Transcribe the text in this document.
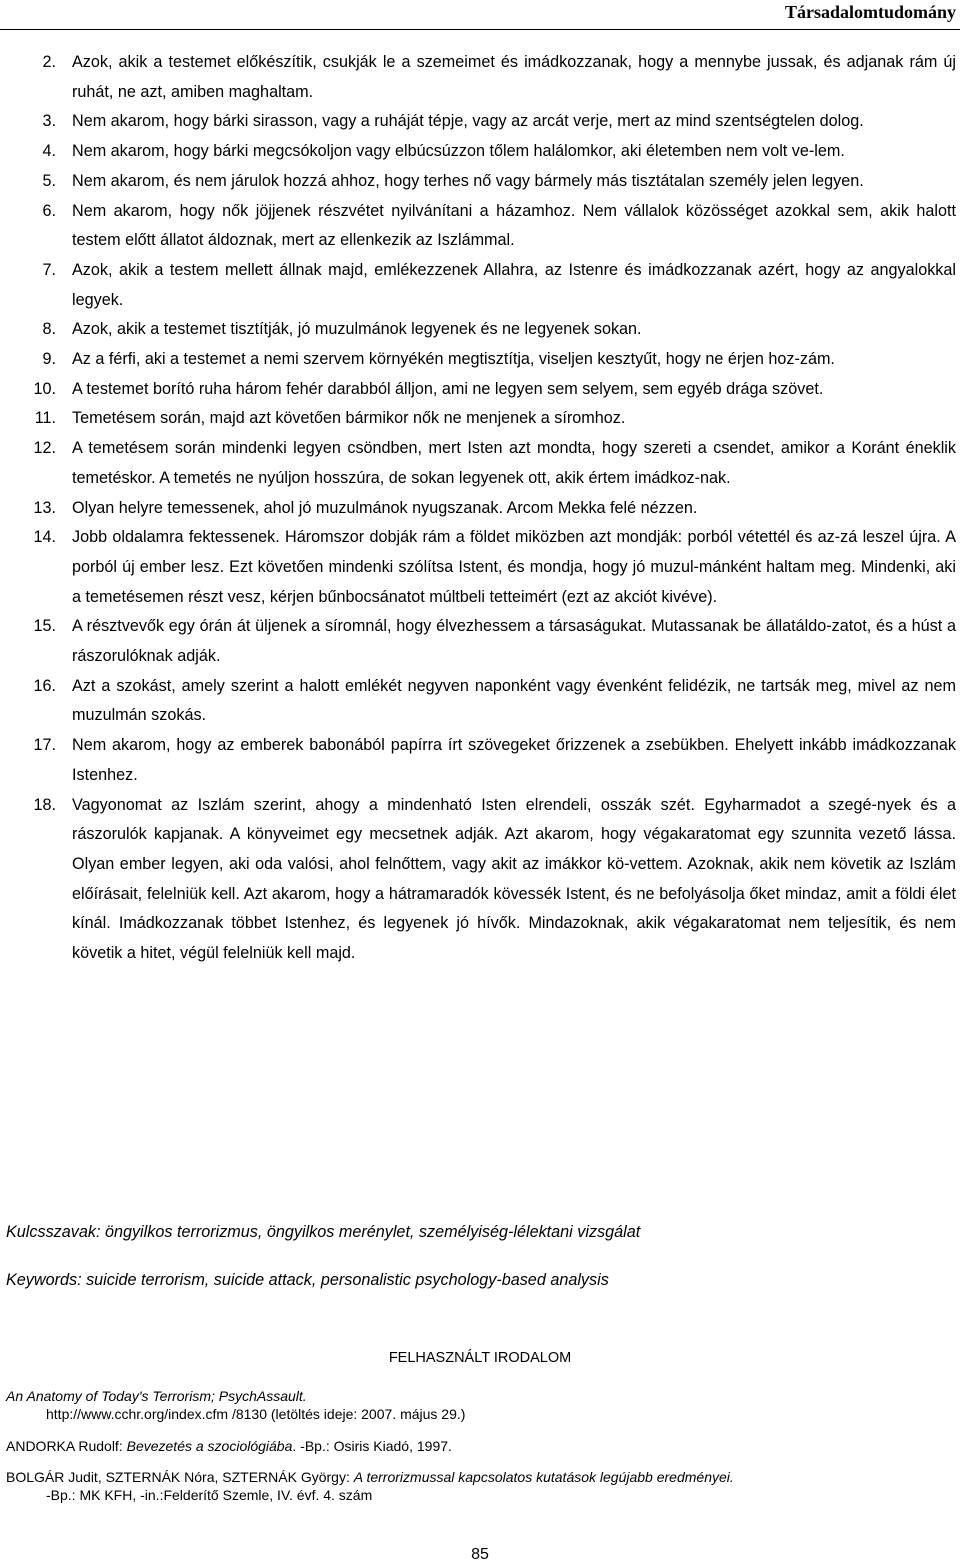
Társadalomtudomány
2. Azok, akik a testemet előkészítik, csukják le a szemeimet és imádkozzanak, hogy a mennybe jussak, és adjanak rám új ruhát, ne azt, amiben maghaltam.
3. Nem akarom, hogy bárki sirasson, vagy a ruháját tépje, vagy az arcát verje, mert az mind szentségtelen dolog.
4. Nem akarom, hogy bárki megcsókoljon vagy elbúcsúzzon tőlem halálomkor, aki életemben nem volt ve-lem.
5. Nem akarom, és nem járulok hozzá ahhoz, hogy terhes nő vagy bármely más tisztátalan személy jelen legyen.
6. Nem akarom, hogy nők jöjjenek részvétet nyilvánítani a házamhoz. Nem vállalok közösséget azokkal sem, akik halott testem előtt állatot áldoznak, mert az ellenkezik az Iszlámmal.
7. Azok, akik a testem mellett állnak majd, emlékezzenek Allahra, az Istenre és imádkozzanak azért, hogy az angyalokkal legyek.
8. Azok, akik a testemet tisztítják, jó muzulmánok legyenek és ne legyenek sokan.
9. Az a férfi, aki a testemet a nemi szervem környékén megtisztítja, viseljen kesztyűt, hogy ne érjen hoz-zám.
10. A testemet borító ruha három fehér darabból álljon, ami ne legyen sem selyem, sem egyéb drága szövet.
11. Temetésem során, majd azt követően bármikor nők ne menjenek a síromhoz.
12. A temetésem során mindenki legyen csöndben, mert Isten azt mondta, hogy szereti a csendet, amikor a Koránt éneklik temetéskor. A temetés ne nyúljon hosszúra, de sokan legyenek ott, akik értem imádkoz-nak.
13. Olyan helyre temessenek, ahol jó muzulmánok nyugszanak. Arcom Mekka felé nézzen.
14. Jobb oldalamra fektessenek. Háromszor dobják rám a földet miközben azt mondják: porból vétettél és az-zá leszel újra. A porból új ember lesz. Ezt követően mindenki szólítsa Istent, és mondja, hogy jó muzul-mánként haltam meg. Mindenki, aki a temetésemen részt vesz, kérjen bűnbocsánatot múltbeli tetteimért (ezt az akciót kivéve).
15. A résztvevők egy órán át üljenek a síromnál, hogy élvezhessem a társaságukat. Mutassanak be állatáldo-zatot, és a húst a rászorulóknak adják.
16. Azt a szokást, amely szerint a halott emlékét negyven naponként vagy évenként felidézik, ne tartsák meg, mivel az nem muzulmán szokás.
17. Nem akarom, hogy az emberek babonából papírra írt szövegeket őrizzenek a zsebükben. Ehelyett inkább imádkozzanak Istenhez.
18. Vagyonomat az Iszlám szerint, ahogy a mindenható Isten elrendeli, osszák szét. Egyharmadot a szegé-nyek és a rászorulók kapjanak. A könyveimet egy mecsetnek adják. Azt akarom, hogy végakaratomat egy szunnita vezető lássa. Olyan ember legyen, aki oda valósi, ahol felnőttem, vagy akit az imákkor kö-vettem. Azoknak, akik nem követik az Iszlám előírásait, felelniük kell. Azt akarom, hogy a hátramaradók kövessék Istent, és ne befolyásolja őket mindaz, amit a földi élet kínál. Imádkozzanak többet Istenhez, és legyenek jó hívők. Mindazoknak, akik végakaratomat nem teljesítik, és nem követik a hitet, végül felelniük kell majd.
Kulcsszavak: öngyilkos terrorizmus, öngyilkos merénylet, személyiség-lélektani vizsgálat
Keywords: suicide terrorism, suicide attack, personalistic psychology-based analysis
FELHASZNÁLT IRODALOM
An Anatomy of Today's Terrorism; PsychAssault.
http://www.cchr.org/index.cfm /8130 (letöltés ideje: 2007. május 29.)
ANDORKA Rudolf: Bevezetés a szociológiába. -Bp.: Osiris Kiadó, 1997.
BOLGÁR Judit, SZTERNÁK Nóra, SZTERNÁK György: A terrorizmussal kapcsolatos kutatások legújabb eredményei.
-Bp.: MK KFH, -in.:Felderítő Szemle, IV. évf. 4. szám
85
